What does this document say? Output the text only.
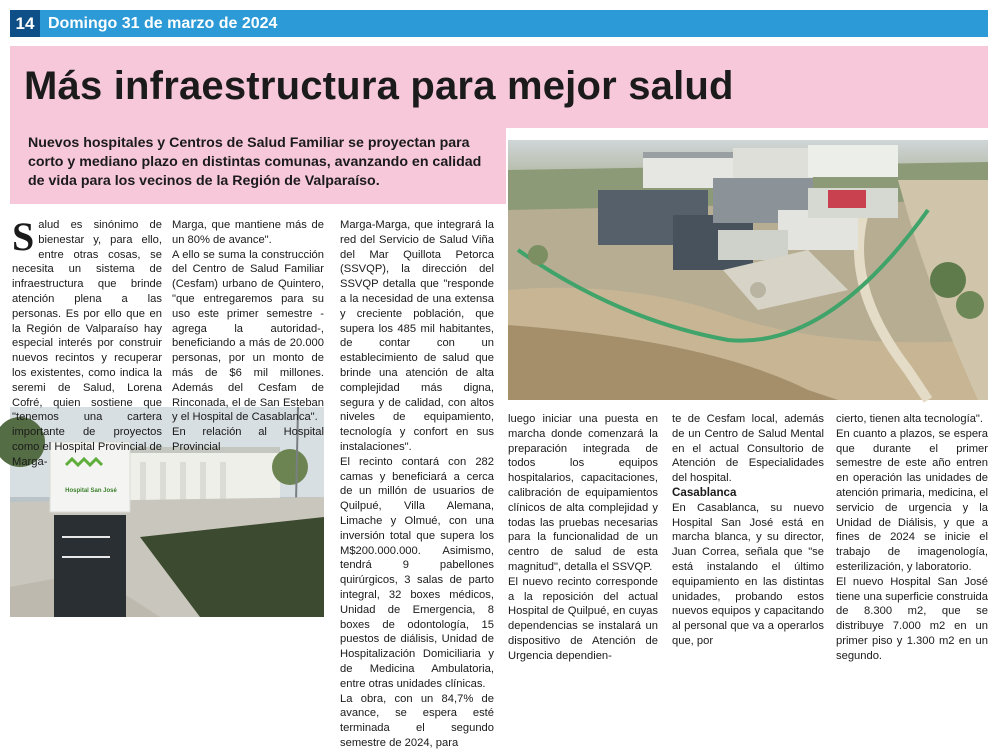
14 Domingo 31 de marzo de 2024
Más infraestructura para mejor salud
Nuevos hospitales y Centros de Salud Familiar se proyectan para corto y mediano plazo en distintas comunas, avanzando en calidad de vida para los vecinos de la Región de Valparaíso.
Hospital San José

Salud es sinónimo de bienestar y, para ello, entre otras cosas, se necesita un sistema de infraestructura que brinde atención plena a las personas. Es por ello que en la Región de Valparaíso hay especial interés por construir nuevos recintos y recuperar los existentes, como indica la seremi de Salud, Lorena Cofré, quien sostiene que "tenemos una cartera importante de proyectos como el Hospital Provincial de Marga-

Marga, que mantiene más de un 80% de avance".

A ello se suma la construcción del Centro de Salud Familiar (Cesfam) urbano de Quintero, "que entregaremos para su uso este primer semestre -agrega la autoridad-, beneficiando a más de 20.000 personas, por un monto de más de $6 mil millones. Además del Cesfam de Rinconada, el de San Esteban y el Hospital de Casablanca".

En relación al Hospital Provincial

Marga-Marga, que integrará la red del Servicio de Salud Viña del Mar Quillota Petorca (SSVQP), la dirección del SSVQP detalla que "responde a la necesidad de una extensa y creciente población, que supera los 485 mil habitantes, de contar con un establecimiento de salud que brinde una atención de alta complejidad más digna, segura y de calidad, con altos niveles de equipamiento, tecnología y confort en sus instalaciones".

El recinto contará con 282 camas y beneficiará a cerca de un millón de usuarios de Quilpué, Villa Alemana, Limache y Olmué, con una inversión total que supera los M$200.000.000. Asimismo, tendrá 9 pabellones quirúrgicos, 3 salas de parto integral, 32 boxes médicos, Unidad de Emergencia, 8 boxes de odontología, 15 puestos de diálisis, Unidad de Hospitalización Domiciliaria y de Medicina Ambulatoria, entre otras unidades clínicas.

La obra, con un 84,7% de avance, se espera esté terminada el segundo semestre de 2024, para

luego iniciar una puesta en marcha donde comenzará la preparación integrada de todos los equipos hospitalarios, capacitaciones, calibración de equipamientos clínicos de alta complejidad y todas las pruebas necesarias para la funcionalidad de un centro de salud de esta magnitud", detalla el SSVQP.

El nuevo recinto corresponde a la reposición del actual Hospital de Quilpué, en cuyas dependencias se instalará un dispositivo de Atención de Urgencia dependien-

te de Cesfam local, además de un Centro de Salud Mental en el actual Consultorio de Atención de Especialidades del hospital.

Casablanca

En Casablanca, su nuevo Hospital San José está en marcha blanca, y su director, Juan Correa, señala que "se está instalando el último equipamiento en las distintas unidades, probando estos nuevos equipos y capacitando al personal que va a operarlos que, por

cierto, tienen alta tecnología".

En cuanto a plazos, se espera que durante el primer semestre de este año entren en operación las unidades de atención primaria, medicina, el servicio de urgencia y la Unidad de Diálisis, y que a fines de 2024 se inicie el trabajo de imagenología, esterilización, y laboratorio.

El nuevo Hospital San José tiene una superficie construida de 8.300 m2, que se distribuye 7.000 m2 en un primer piso y 1.300 m2 en un segundo.
